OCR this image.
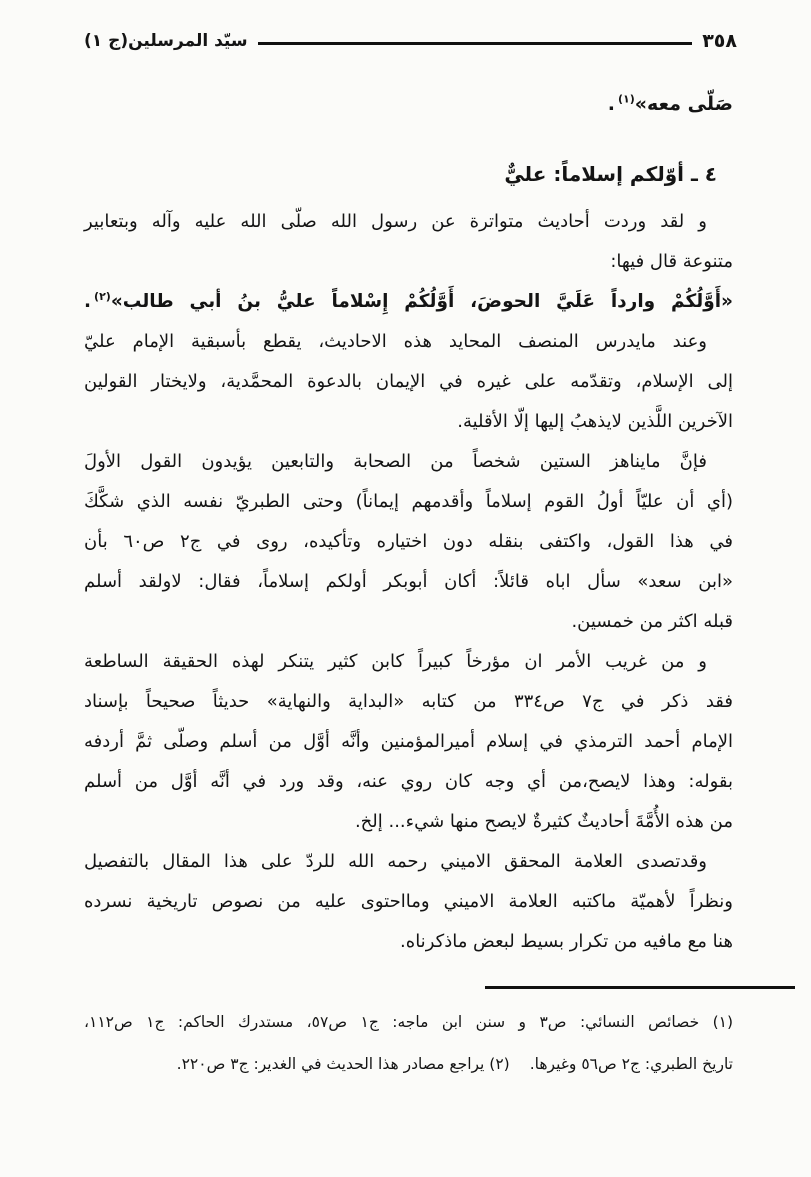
٣٥٨
سيّد المرسلين(ج ١)
صَلّى معه»$^{(١)}$.
٤ ـ أوّلكم إسلاماً: عليٌّ
و لقد وردت أحاديث متواترة عن رسول الله صلّى الله عليه وآله وبتعابير
متنوعة قال فيها:
«أَوَّلُكُمْ وارداً عَلَيَّ الحوضَ، أَوَّلُكُمْ إِسْلاماً عليُّ بنُ أبي طالب»$^{(٢)}$.
وعند مايدرس المنصف المحايد هذه الاحاديث، يقطع بأسبقية الإمام عليّ
إلى الإسلام، وتقدّمه على غيره في الإيمان بالدعوة المحمَّدية، ولايختار القولين
الآخرين اللَّذين لايذهبُ إليها إلّا الأقلية.
فإنَّ مايناهز الستين شخصاً من الصحابة والتابعين يؤيدون القول الأولَ
(أي أن عليّاً أولُ القوم إسلاماً وأقدمهم إيماناً) وحتى الطبريّ نفسه الذي شكَّكَ
في هذا القول، واكتفى بنقله دون اختياره وتأكيده، روى في ج٢ ص٦٠ بأن
«ابن سعد» سأل اباه قائلاً: أكان أبوبكر أولكم إسلاماً، فقال: لاولقد أسلم
قبله اكثر من خمسين.
و من غريب الأمر ان مؤرخاً كبيراً كابن كثير يتنكر لهذه الحقيقة الساطعة
فقد ذكر في ج٧ ص٣٣٤ من كتابه «البداية والنهاية» حديثاً صحيحاً بإسناد
الإمام أحمد الترمذي في إسلام أميرالمؤمنين وأنَّه أوَّل من أسلم وصلّى ثمَّ أردفه
بقوله: وهذا لايصح،من أي وجه كان روي عنه، وقد ورد في أنَّه أوَّل من أسلم
من هذه الأُمَّةَ أحاديثٌ كثيرةٌ لايصح منها شيء... إلخ.
وقدتصدى العلامة المحقق الاميني رحمه الله للردّ على هذا المقال بالتفصيل
ونظراً لأهميّة ماكتبه العلامة الاميني ومااحتوى عليه من نصوص تاريخية نسرده
هنا مع مافيه من تكرار بسيط لبعض ماذكرناه.
(١) خصائص النسائي: ص٣ و سنن ابن ماجه: ج١ ص٥٧، مستدرك الحاكم: ج١ ص١١٢،
تاريخ الطبري: ج٢ ص٥٦ وغيرها.(٢) يراجع مصادر هذا الحديث في الغدير: ج٣ ص٢٢٠.
